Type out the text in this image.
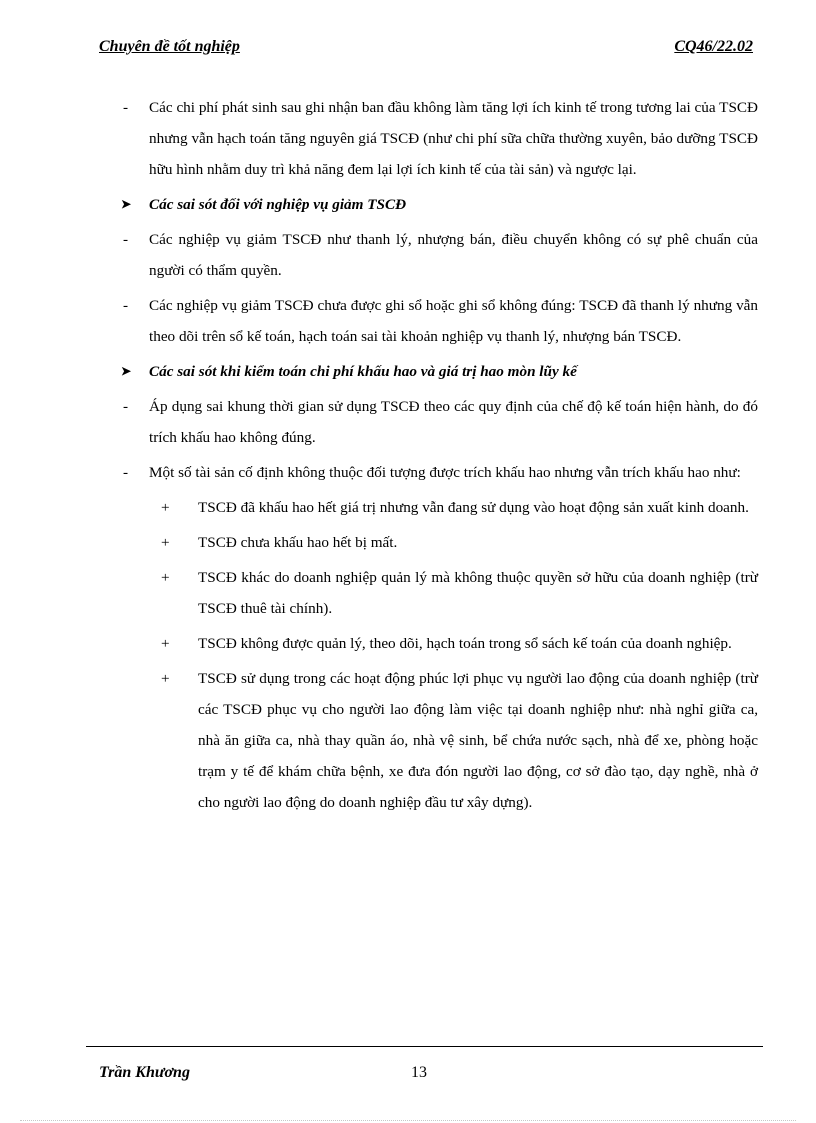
Chuyên đề tốt nghiệp	CQ46/22.02

- Các chi phí phát sinh sau ghi nhận ban đầu không làm tăng lợi ích kinh tế trong tương lai của TSCĐ nhưng vẫn hạch toán tăng nguyên giá TSCĐ (như chi phí sữa chữa thường xuyên, bảo dưỡng TSCĐ hữu hình nhằm duy trì khả năng đem lại lợi ích kinh tế của tài sản) và ngược lại.

➤ Các sai sót đối với nghiệp vụ giảm TSCĐ

- Các nghiệp vụ giảm TSCĐ như thanh lý, nhượng bán, điều chuyển không có sự phê chuẩn của người có thẩm quyền.

- Các nghiệp vụ giảm TSCĐ chưa được ghi sổ hoặc ghi sổ không đúng: TSCĐ đã thanh lý nhưng vẫn theo dõi trên sổ kế toán, hạch toán sai tài khoản nghiệp vụ thanh lý, nhượng bán TSCĐ.

➤ Các sai sót khi kiểm toán chi phí khấu hao và giá trị hao mòn lũy kế

- Áp dụng sai khung thời gian sử dụng TSCĐ theo các quy định của chế độ kế toán hiện hành, do đó trích khấu hao không đúng.

- Một số tài sản cố định không thuộc đối tượng được trích khấu hao nhưng vẫn trích khấu hao như:

+ TSCĐ đã khấu hao hết giá trị nhưng vẫn đang sử dụng vào hoạt động sản xuất kinh doanh.

+ TSCĐ chưa khấu hao hết bị mất.

+ TSCĐ khác do doanh nghiệp quản lý mà không thuộc quyền sở hữu của doanh nghiệp (trừ TSCĐ thuê tài chính).

+ TSCĐ không được quản lý, theo dõi, hạch toán trong sổ sách kế toán của doanh nghiệp.

+ TSCĐ sử dụng trong các hoạt động phúc lợi phục vụ người lao động của doanh nghiệp (trừ các TSCĐ phục vụ cho người lao động làm việc tại doanh nghiệp như: nhà nghỉ giữa ca, nhà ăn giữa ca, nhà thay quần áo, nhà vệ sinh, bể chứa nước sạch, nhà để xe, phòng hoặc trạm y tế để khám chữa bệnh, xe đưa đón người lao động, cơ sở đào tạo, dạy nghề, nhà ở cho người lao động do doanh nghiệp đầu tư xây dựng).

Trần Khương	13
